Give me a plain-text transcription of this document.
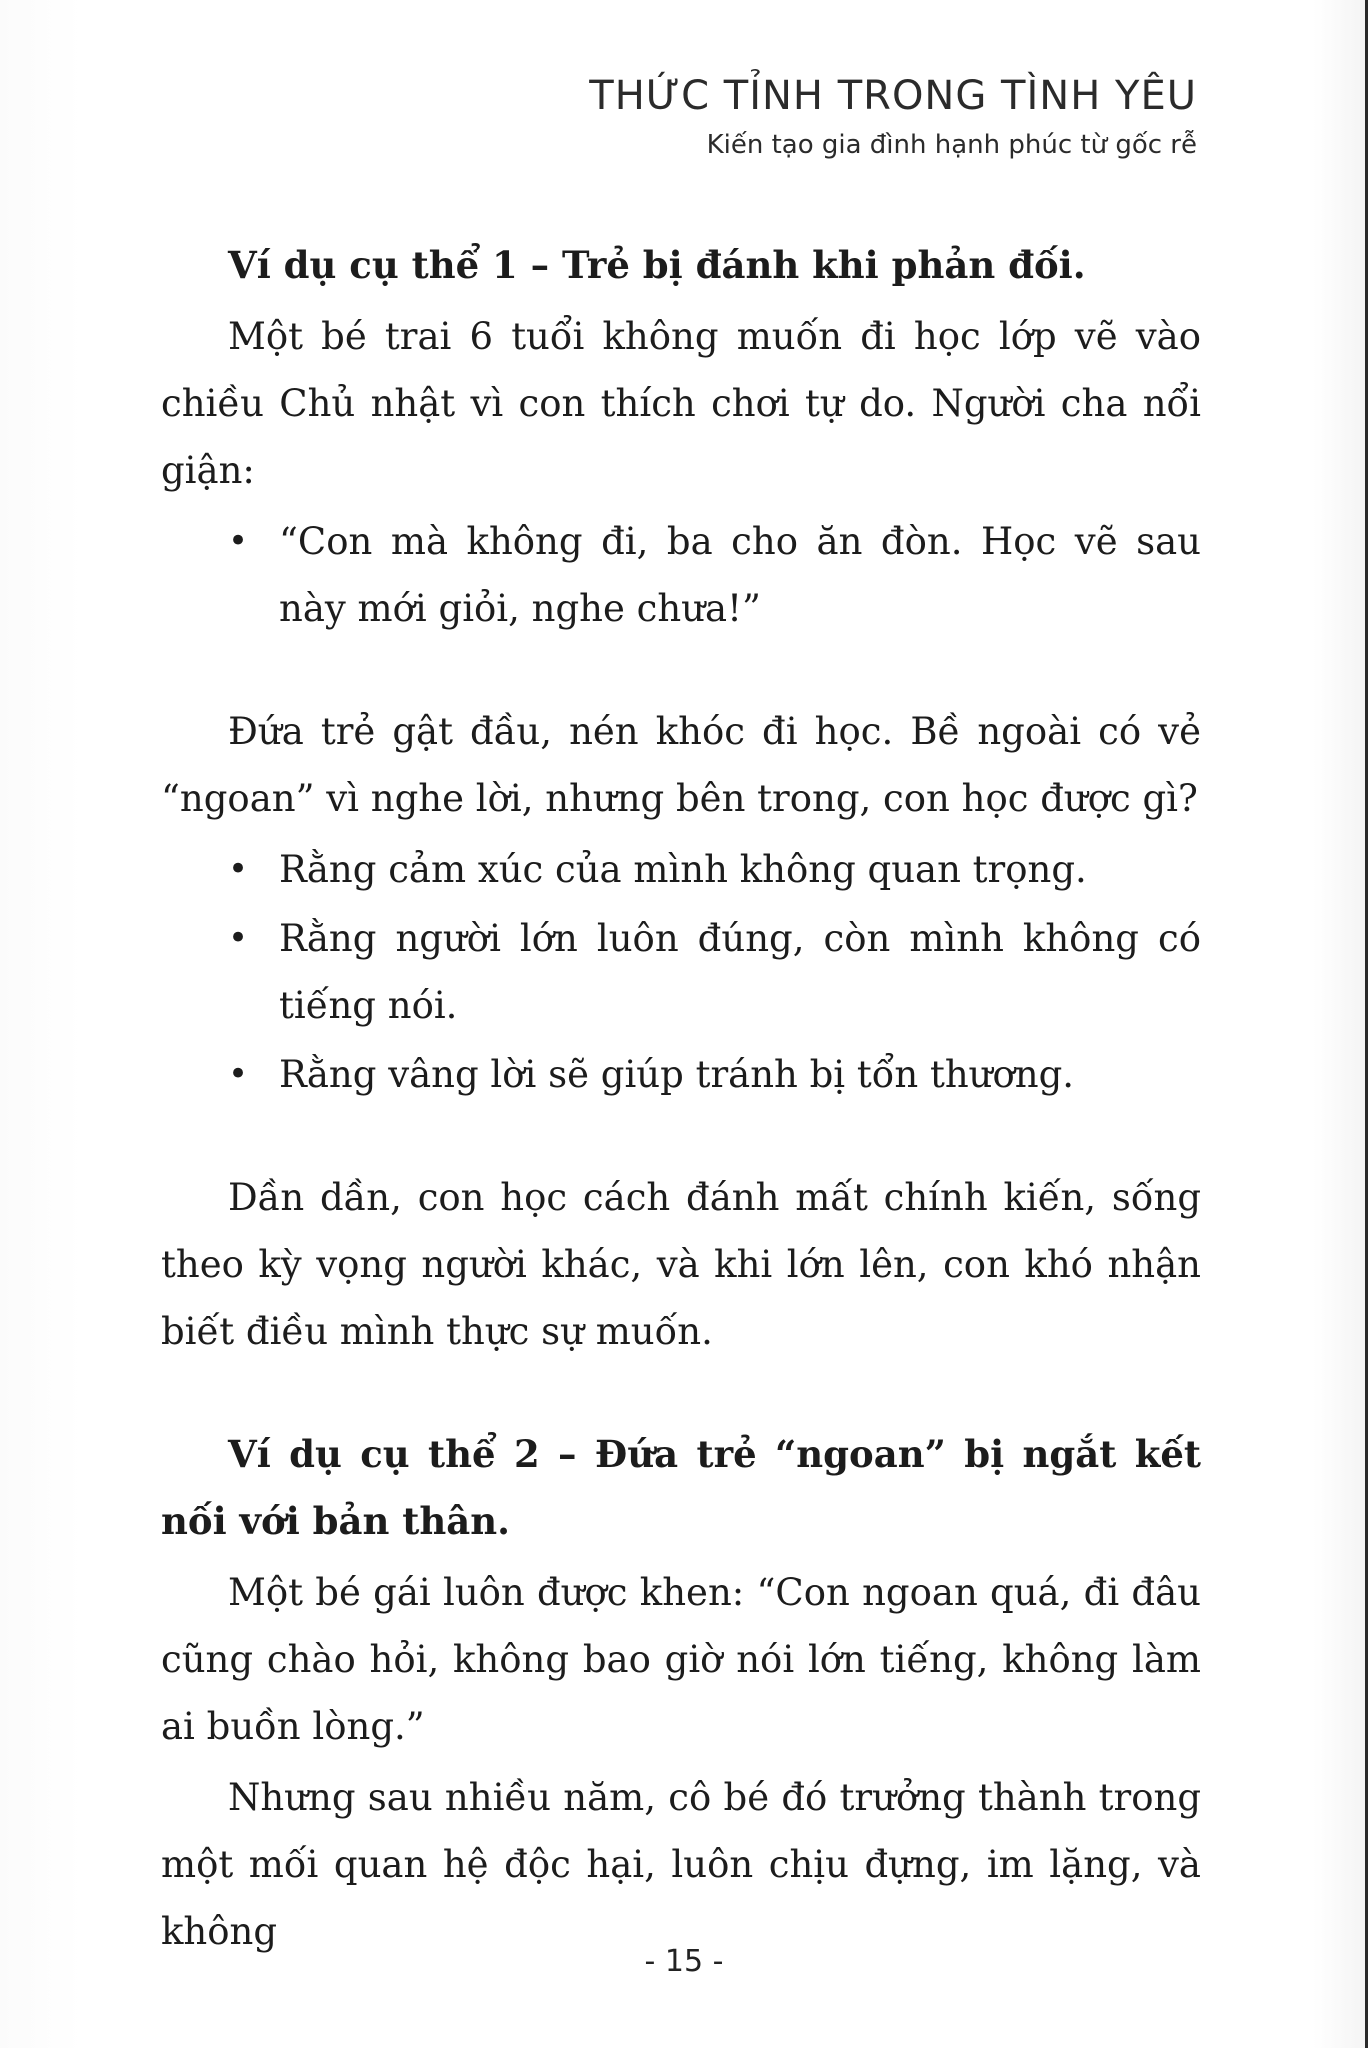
THỨC TỈNH TRONG TÌNH YÊU
Kiến tạo gia đình hạnh phúc từ gốc rễ

Ví dụ cụ thể 1 – Trẻ bị đánh khi phản đối.

Một bé trai 6 tuổi không muốn đi học lớp vẽ vào chiều Chủ nhật vì con thích chơi tự do. Người cha nổi giận:

• “Con mà không đi, ba cho ăn đòn. Học vẽ sau này mới giỏi, nghe chưa!”

Đứa trẻ gật đầu, nén khóc đi học. Bề ngoài có vẻ “ngoan” vì nghe lời, nhưng bên trong, con học được gì?

• Rằng cảm xúc của mình không quan trọng.
• Rằng người lớn luôn đúng, còn mình không có tiếng nói.
• Rằng vâng lời sẽ giúp tránh bị tổn thương.

Dần dần, con học cách đánh mất chính kiến, sống theo kỳ vọng người khác, và khi lớn lên, con khó nhận biết điều mình thực sự muốn.

Ví dụ cụ thể 2 – Đứa trẻ “ngoan” bị ngắt kết nối với bản thân.

Một bé gái luôn được khen: “Con ngoan quá, đi đâu cũng chào hỏi, không bao giờ nói lớn tiếng, không làm ai buồn lòng.”

Nhưng sau nhiều năm, cô bé đó trưởng thành trong một mối quan hệ độc hại, luôn chịu đựng, im lặng, và không

- 15 -
